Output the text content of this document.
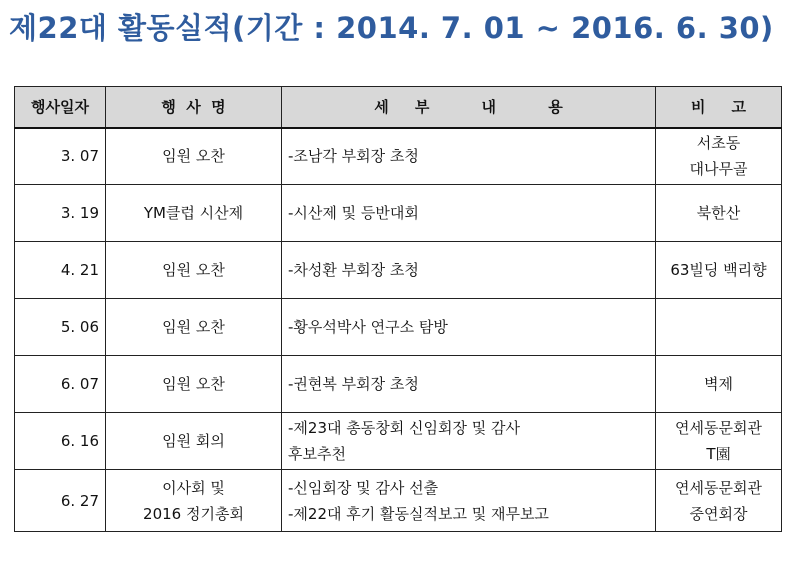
제22대 활동실적(기간 : 2014. 7. 01 ~ 2016. 6. 30)
행사일자	행  사  명	세     부          내          용	비     고
3. 07	임원 오찬	-조남각 부회장 초청	서초동
대나무골

3. 19	YM클럽 시산제	-시산제 및 등반대회	북한산

4. 21	임원 오찬	-차성환 부회장 초청	63빌딩 백리향

5. 06	임원 오찬	-황우석박사 연구소 탐방	

6. 07	임원 오찬	-권현복 부회장 초청	벽제

6. 16	임원 회의	-제23대 총동창회 신임회장 및 감사
후보추천	연세동문회관
T園

6. 27	이사회 및
2016 정기총회	-신임회장 및 감사 선출
-제22대 후기 활동실적보고 및 재무보고	연세동문회관
중연회장
